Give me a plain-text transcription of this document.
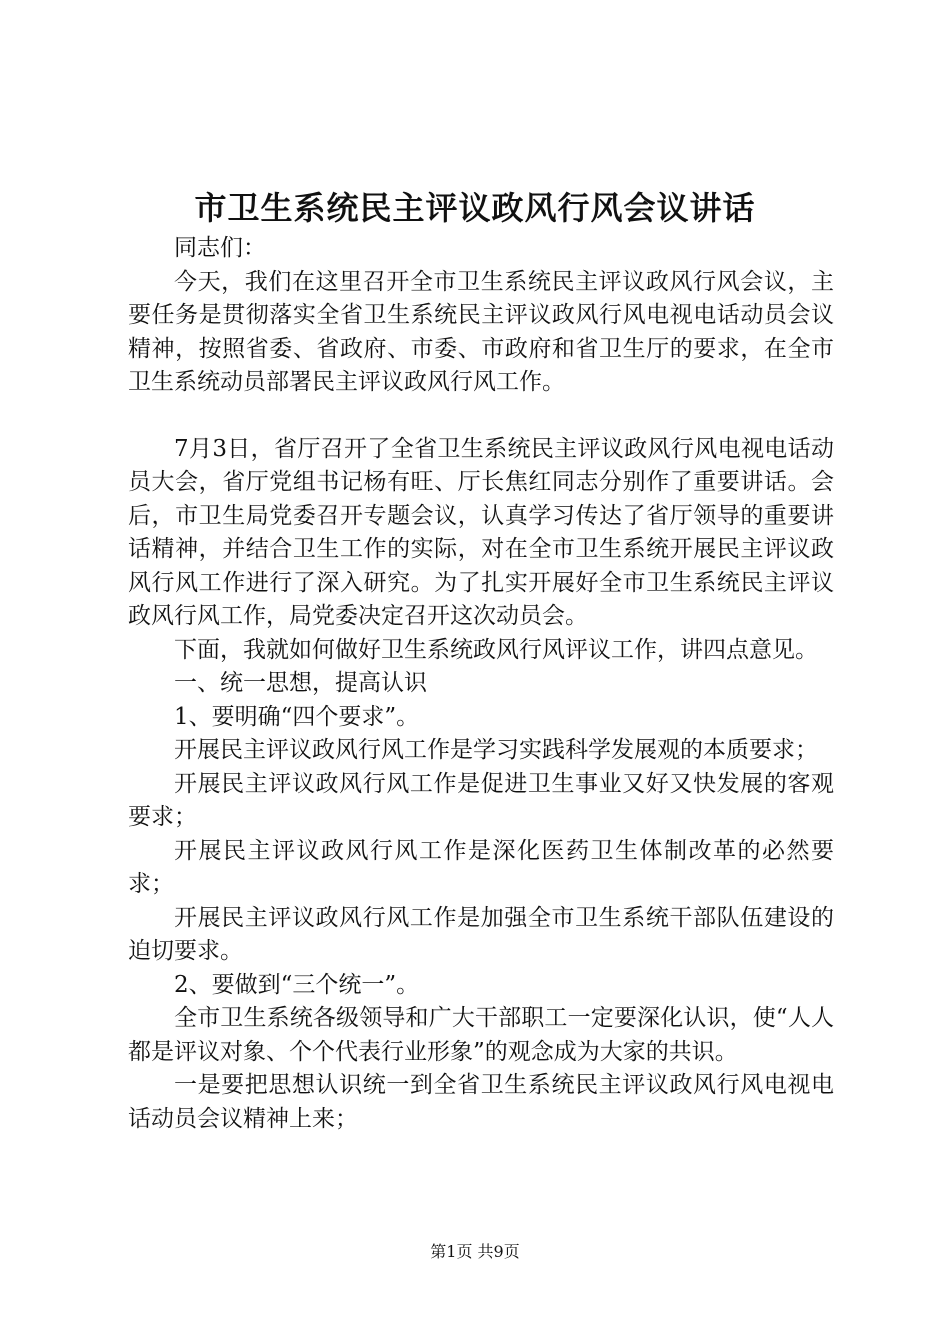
市卫生系统民主评议政风行风会议讲话

同志们：

今天，我们在这里召开全市卫生系统民主评议政风行风会议，主要任务是贯彻落实全省卫生系统民主评议政风行风电视电话动员会议精神，按照省委、省政府、市委、市政府和省卫生厅的要求，在全市卫生系统动员部署民主评议政风行风工作。

7月3日，省厅召开了全省卫生系统民主评议政风行风电视电话动员大会，省厅党组书记杨有旺、厅长焦红同志分别作了重要讲话。会后，市卫生局党委召开专题会议，认真学习传达了省厅领导的重要讲话精神，并结合卫生工作的实际，对在全市卫生系统开展民主评议政风行风工作进行了深入研究。为了扎实开展好全市卫生系统民主评议政风行风工作，局党委决定召开这次动员会。

下面，我就如何做好卫生系统政风行风评议工作，讲四点意见。

一、统一思想，提高认识

1、要明确“四个要求”。

开展民主评议政风行风工作是学习实践科学发展观的本质要求；

开展民主评议政风行风工作是促进卫生事业又好又快发展的客观要求；

开展民主评议政风行风工作是深化医药卫生体制改革的必然要求；

开展民主评议政风行风工作是加强全市卫生系统干部队伍建设的迫切要求。

2、要做到“三个统一”。

全市卫生系统各级领导和广大干部职工一定要深化认识，使“人人都是评议对象、个个代表行业形象”的观念成为大家的共识。

一是要把思想认识统一到全省卫生系统民主评议政风行风电视电话动员会议精神上来；

第1页 共9页
